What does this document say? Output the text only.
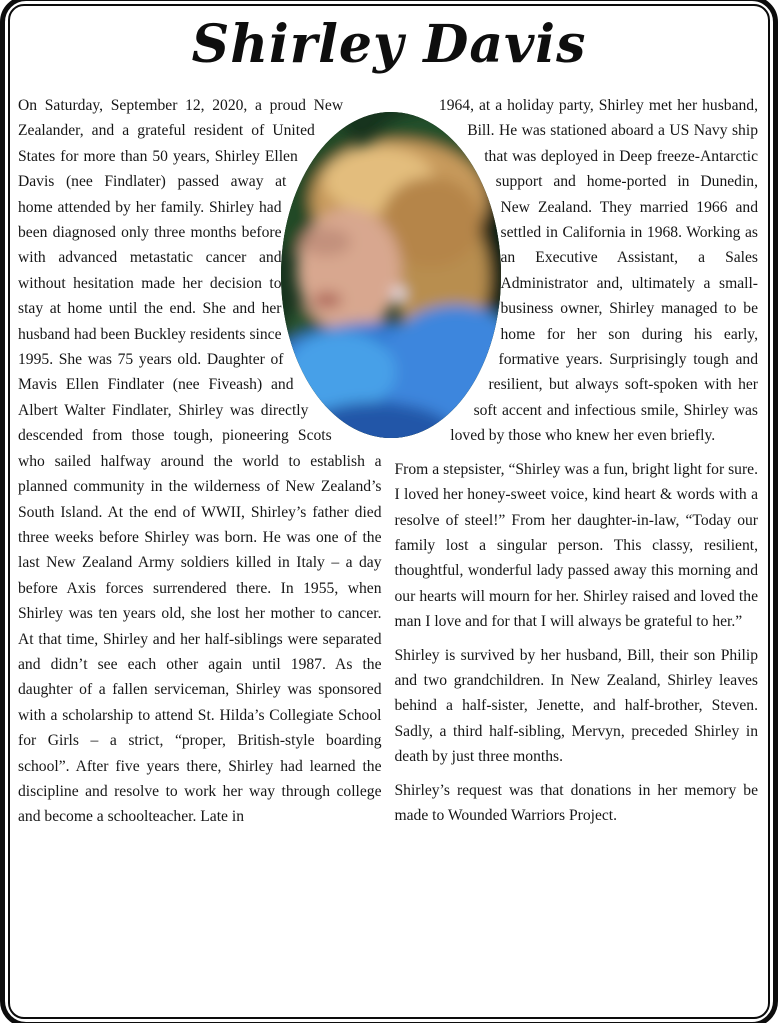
Shirley Davis

On Saturday, September 12, 2020, a proud New Zealander, and a grateful resident of United States for more than 50 years, Shirley Ellen Davis (nee Findlater) passed away at home attended by her family. Shirley had been diagnosed only three months before with advanced metastatic cancer and without hesitation made her decision to stay at home until the end. She and her husband had been Buckley residents since 1995. She was 75 years old. Daughter of Mavis Ellen Findlater (nee Fiveash) and Albert Walter Findlater, Shirley was directly descended from those tough, pioneering Scots who sailed halfway around the world to establish a planned community in the wilderness of New Zealand’s South Island. At the end of WWII, Shirley’s father died three weeks before Shirley was born. He was one of the last New Zealand Army soldiers killed in Italy – a day before Axis forces surrendered there. In 1955, when Shirley was ten years old, she lost her mother to cancer. At that time, Shirley and her half-siblings were separated and didn’t see each other again until 1987. As the daughter of a fallen serviceman, Shirley was sponsored with a scholarship to attend St. Hilda’s Collegiate School for Girls – a strict, “proper, British-style boarding school”. After five years there, Shirley had learned the discipline and resolve to work her way through college and become a schoolteacher. Late in

1964, at a holiday party, Shirley met her husband, Bill. He was stationed aboard a US Navy ship that was deployed in Deep freeze-Antarctic support and home-ported in Dunedin, New Zealand. They married 1966 and settled in California in 1968. Working as an Executive Assistant, a Sales Administrator and, ultimately a small-business owner, Shirley managed to be home for her son during his early, formative years. Surprisingly tough and resilient, but always soft-spoken with her soft accent and infectious smile, Shirley was loved by those who knew her even briefly.

From a stepsister, “Shirley was a fun, bright light for sure. I loved her honey-sweet voice, kind heart & words with a resolve of steel!” From her daughter-in-law, “Today our family lost a singular person. This classy, resilient, thoughtful, wonderful lady passed away this morning and our hearts will mourn for her. Shirley raised and loved the man I love and for that I will always be grateful to her.”

Shirley is survived by her husband, Bill, their son Philip and two grandchildren. In New Zealand, Shirley leaves behind a half-sister, Jenette, and half-brother, Steven. Sadly, a third half-sibling, Mervyn, preceded Shirley in death by just three months.

Shirley’s request was that donations in her memory be made to Wounded Warriors Project.
